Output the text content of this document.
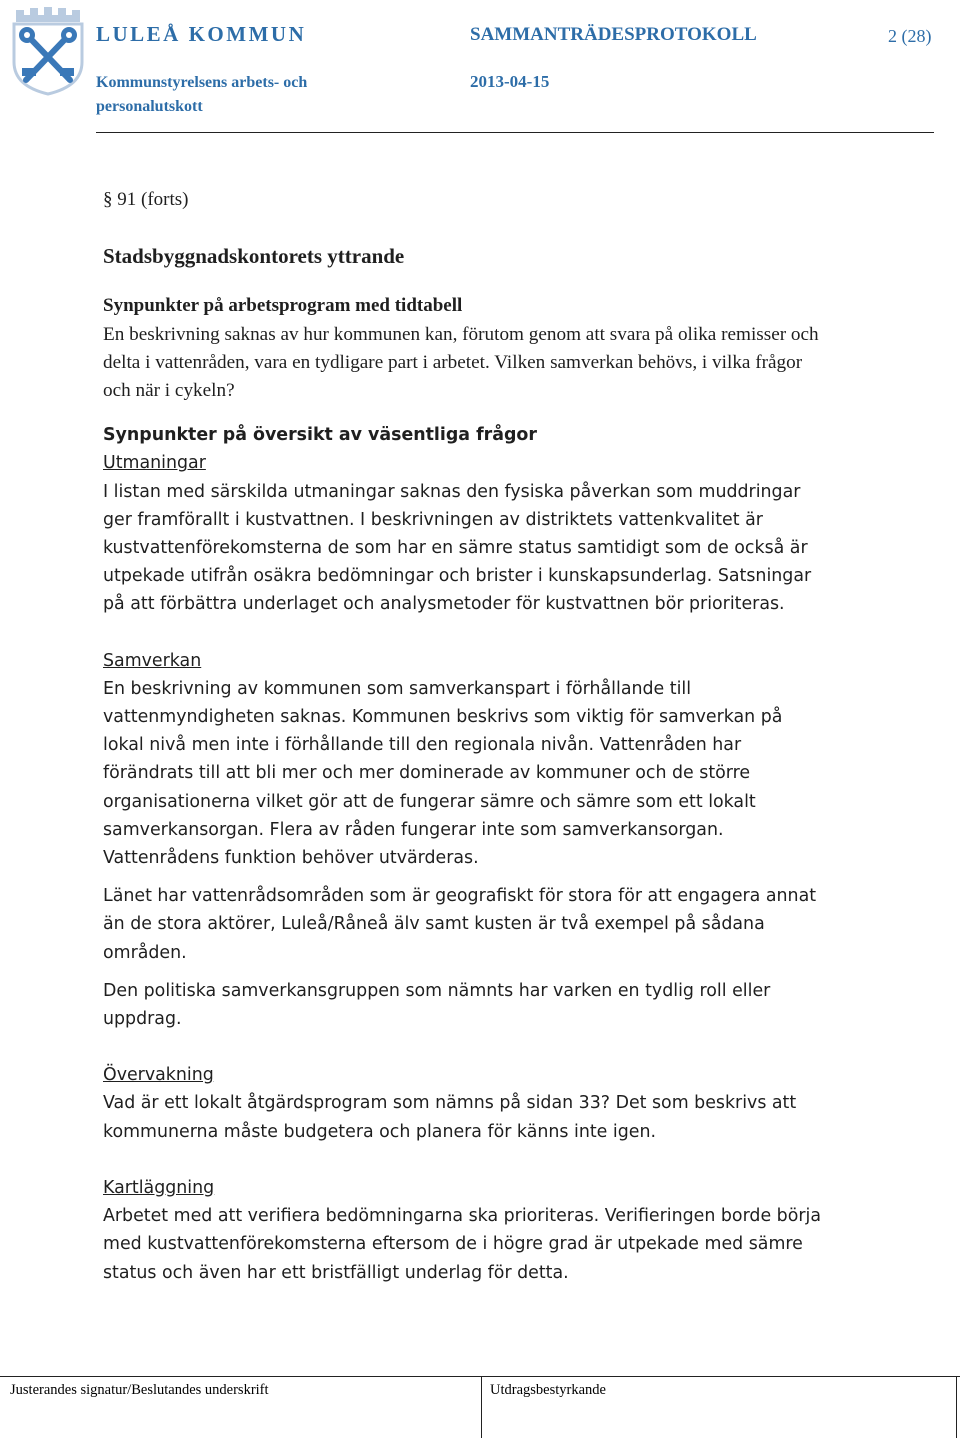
LULEÅ KOMMUN
Kommunstyrelsens arbets- och personalutskott
SAMMANTRÄDESPROTOKOLL	2 (28)
2013-04-15

§ 91 (forts)

Stadsbyggnadskontorets yttrande

Synpunkter på arbetsprogram med tidtabell

En beskrivning saknas av hur kommunen kan, förutom genom att svara på olika remisser och delta i vattenråden, vara en tydligare part i arbetet. Vilken samverkan behövs, i vilka frågor och när i cykeln?

Synpunkter på översikt av väsentliga frågor

Utmaningar

I listan med särskilda utmaningar saknas den fysiska påverkan som muddringar ger framförallt i kustvattnen. I beskrivningen av distriktets vattenkvalitet är kustvattenförekomsterna de som har en sämre status samtidigt som de också är utpekade utifrån osäkra bedömningar och brister i kunskapsunderlag. Satsningar på att förbättra underlaget och analysmetoder för kustvattnen bör prioriteras.

Samverkan

En beskrivning av kommunen som samverkanspart i förhållande till vattenmyndigheten saknas. Kommunen beskrivs som viktig för samverkan på lokal nivå men inte i förhållande till den regionala nivån. Vattenråden har förändrats till att bli mer och mer dominerade av kommuner och de större organisationerna vilket gör att de fungerar sämre och sämre som ett lokalt samverkansorgan. Flera av råden fungerar inte som samverkansorgan. Vattenrådens funktion behöver utvärderas.

Länet har vattenrådsområden som är geografiskt för stora för att engagera annat än de stora aktörer, Luleå/Råneå älv samt kusten är två exempel på sådana områden.

Den politiska samverkansgruppen som nämnts har varken en tydlig roll eller uppdrag.

Övervakning

Vad är ett lokalt åtgärdsprogram som nämns på sidan 33? Det som beskrivs att kommunerna måste budgetera och planera för känns inte igen.

Kartläggning

Arbetet med att verifiera bedömningarna ska prioriteras. Verifieringen borde börja med kustvattenförekomsterna eftersom de i högre grad är utpekade med sämre status och även har ett bristfälligt underlag för detta.

Justerandes signatur/Beslutandes underskrift	Utdragsbestyrkande
